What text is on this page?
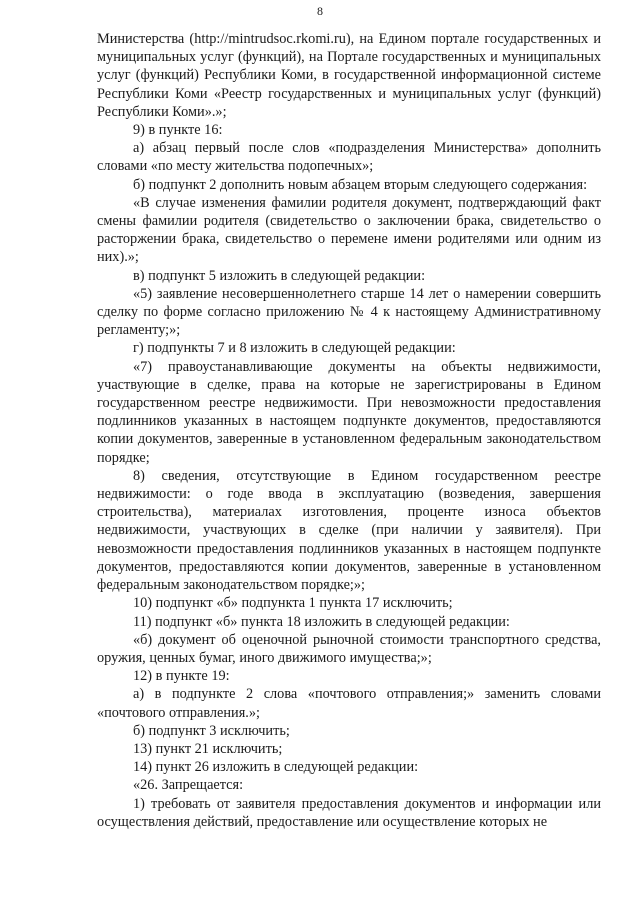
8

Министерства (http://mintrudsoc.rkomi.ru), на Едином портале государственных и муниципальных услуг (функций), на Портале государственных и муниципальных услуг (функций) Республики Коми, в государственной информационной системе Республики Коми «Реестр государственных и муниципальных услуг (функций) Республики Коми».»;

9) в пункте 16:

а) абзац первый после слов «подразделения Министерства» дополнить словами «по месту жительства подопечных»;

б) подпункт 2 дополнить новым абзацем вторым следующего содержания:

«В случае изменения фамилии родителя документ, подтверждающий факт смены фамилии родителя (свидетельство о заключении брака, свидетельство о расторжении брака, свидетельство о перемене имени родителями или одним из них).»;

в) подпункт 5 изложить в следующей редакции:

«5) заявление несовершеннолетнего старше 14 лет о намерении совершить сделку по форме согласно приложению № 4 к настоящему Административному регламенту;»;

г) подпункты 7 и 8 изложить в следующей редакции:

«7) правоустанавливающие документы на объекты недвижимости, участвующие в сделке, права на которые не зарегистрированы в Едином государственном реестре недвижимости. При невозможности предоставления подлинников указанных в настоящем подпункте документов, предоставляются копии документов, заверенные в установленном федеральным законодательством порядке;

8) сведения, отсутствующие в Едином государственном реестре недвижимости: о годе ввода в эксплуатацию (возведения, завершения строительства), материалах изготовления, проценте износа объектов недвижимости, участвующих в сделке (при наличии у заявителя). При невозможности предоставления подлинников указанных в настоящем подпункте документов, предоставляются копии документов, заверенные в установленном федеральным законодательством порядке;»;

10) подпункт «б» подпункта 1 пункта 17 исключить;

11) подпункт «б» пункта 18 изложить в следующей редакции:

«б) документ об оценочной рыночной стоимости транспортного средства, оружия, ценных бумаг, иного движимого имущества;»;

12) в пункте 19:

а) в подпункте 2 слова «почтового отправления;» заменить словами «почтового отправления.»;

б) подпункт 3 исключить;

13) пункт 21 исключить;

14) пункт 26 изложить в следующей редакции:

«26. Запрещается:

1) требовать от заявителя предоставления документов и информации или осуществления действий, предоставление или осуществление которых не
